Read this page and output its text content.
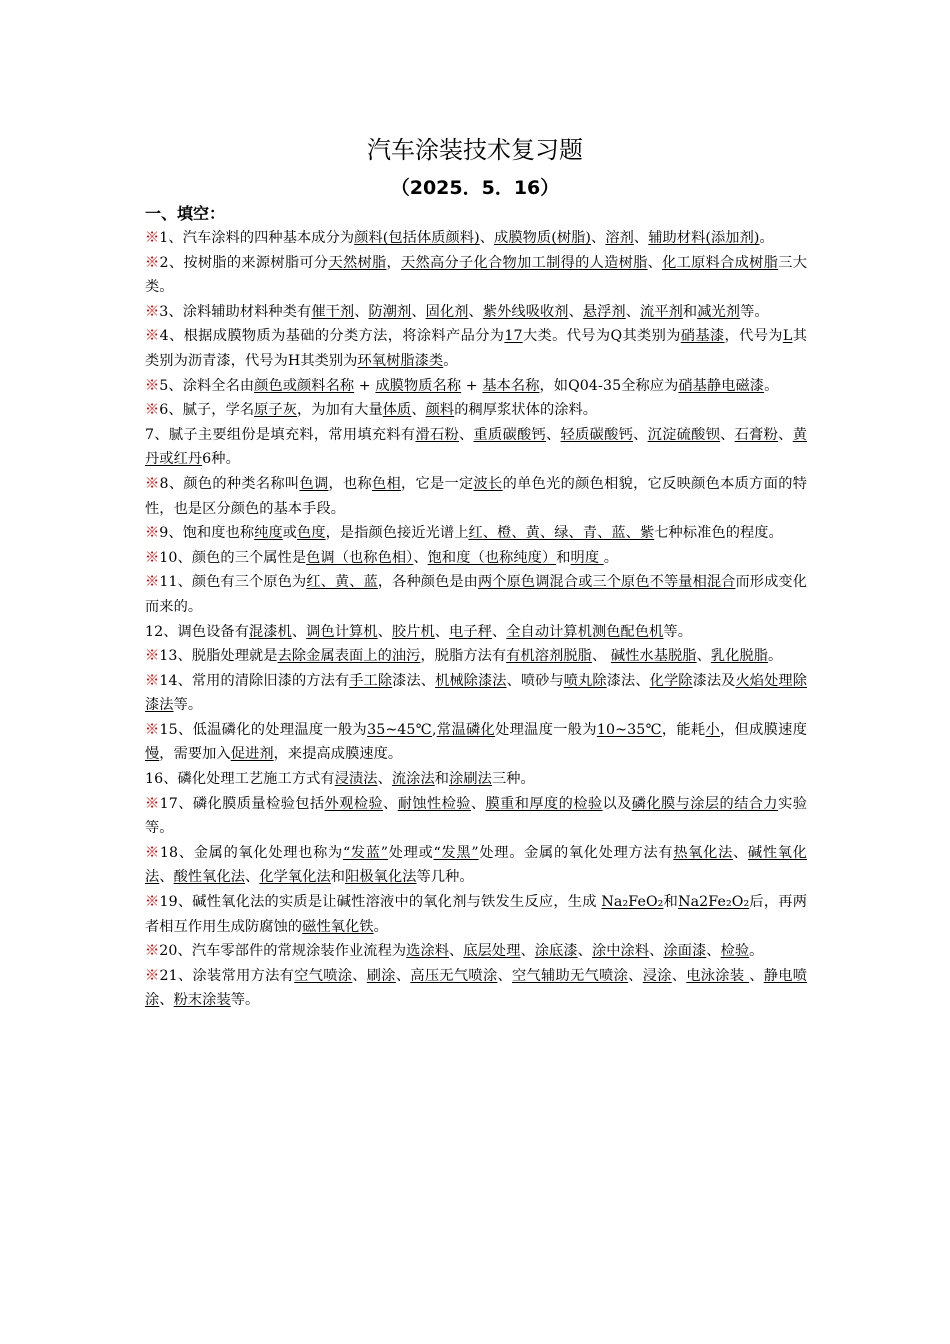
汽车涂装技术复习题
（2025．5．16）
一、填空：
※1、汽车涂料的四种基本成分为颜料(包括体质颜料)、成膜物质(树脂)、溶剂、辅助材料(添加剂)。
※2、按树脂的来源树脂可分天然树脂，天然高分子化合物加工制得的人造树脂、化工原料合成树脂三大类。
※3、涂料辅助材料种类有催干剂、防潮剂、固化剂、紫外线吸收剂、悬浮剂、流平剂和减光剂等。
※4、根据成膜物质为基础的分类方法，将涂料产品分为17大类。代号为Q其类别为硝基漆，代号为L其类别为沥青漆，代号为H其类别为环氧树脂漆类。
※5、涂料全名由颜色或颜料名称 + 成膜物质名称 + 基本名称，如Q04-35全称应为硝基静电磁漆。
※6、腻子，学名原子灰，为加有大量体质、颜料的稠厚浆状体的涂料。
7、腻子主要组份是填充料，常用填充料有滑石粉、重质碳酸钙、轻质碳酸钙、沉淀硫酸钡、石膏粉、黄丹或红丹6种。
※8、颜色的种类名称叫色调，也称色相，它是一定波长的单色光的颜色相貌，它反映颜色本质方面的特性，也是区分颜色的基本手段。
※9、饱和度也称纯度或色度，是指颜色接近光谱上红、橙、黄、绿、青、蓝、紫七种标准色的程度。
※10、颜色的三个属性是色调（也称色相）、饱和度（也称纯度）和明度 。
※11、颜色有三个原色为红、黄、蓝，各种颜色是由两个原色调混合或三个原色不等量相混合而形成变化而来的。
12、调色设备有混漆机、调色计算机、胶片机、电子秤、全自动计算机测色配色机等。
※13、脱脂处理就是去除金属表面上的油污，脱脂方法有有机溶剂脱脂、 碱性水基脱脂、乳化脱脂。
※14、常用的清除旧漆的方法有手工除漆法、机械除漆法、喷砂与喷丸除漆法、化学除漆法及火焰处理除漆法等。
※15、低温磷化的处理温度一般为35~45℃,常温磷化处理温度一般为10~35℃，能耗小，但成膜速度慢，需要加入促进剂，来提高成膜速度。
16、磷化处理工艺施工方式有浸渍法、流涂法和涂刷法三种。
※17、磷化膜质量检验包括外观检验、耐蚀性检验、膜重和厚度的检验以及磷化膜与涂层的结合力实验等。
※18、金属的氧化处理也称为“发蓝”处理或“发黑”处理。金属的氧化处理方法有热氧化法、碱性氧化法、酸性氧化法、化学氧化法和阳极氧化法等几种。
※19、碱性氧化法的实质是让碱性溶液中的氧化剂与铁发生反应，生成 Na₂FeO₂和Na2Fe₂O₂后，再两者相互作用生成防腐蚀的磁性氧化铁。
※20、汽车零部件的常规涂装作业流程为选涂料、底层处理、涂底漆、涂中涂料、涂面漆、检验。
※21、涂装常用方法有空气喷涂、刷涂、高压无气喷涂、空气辅助无气喷涂、浸涂、电泳涂装 、静电喷涂、粉末涂装等。
